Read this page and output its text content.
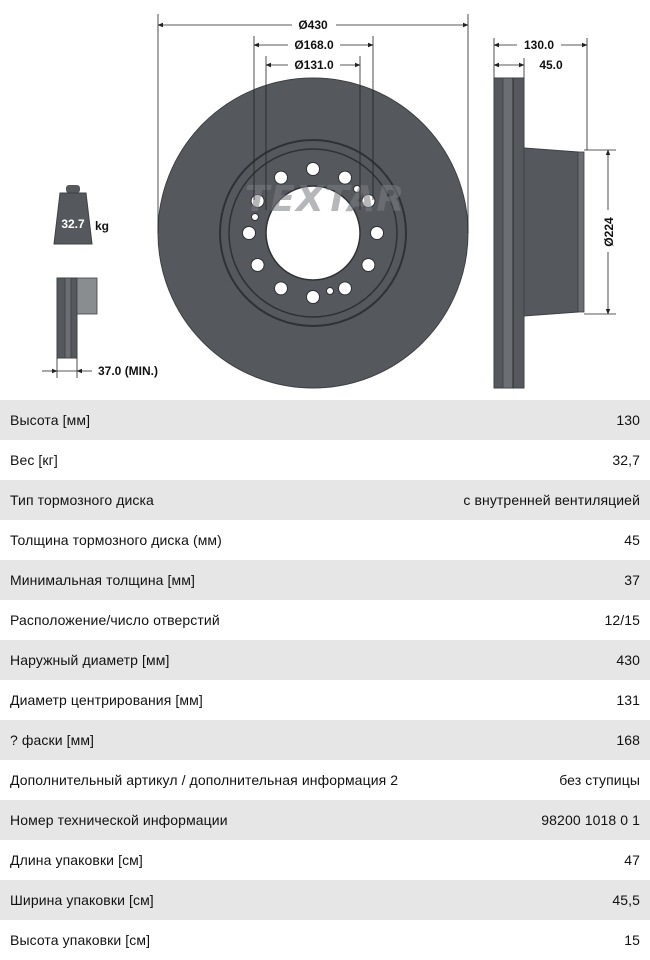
TEXTAR
Ø430
Ø168.0
Ø131.0
130.0
45.0
Ø224
32.7 kg
37.0 (MIN.)
Высота [мм]	130
Вес [кг]	32,7
Тип тормозного диска	с внутренней вентиляцией
Толщина тормозного диска (мм)	45
Минимальная толщина [мм]	37
Расположение/число отверстий	12/15
Наружный диаметр [мм]	430
Диаметр центрирования [мм]	131
? фаски [мм]	168
Дополнительный артикул / дополнительная информация 2	без ступицы
Номер технической информации	98200 1018 0 1
Длина упаковки [см]	47
Ширина упаковки [см]	45,5
Высота упаковки [см]	15
